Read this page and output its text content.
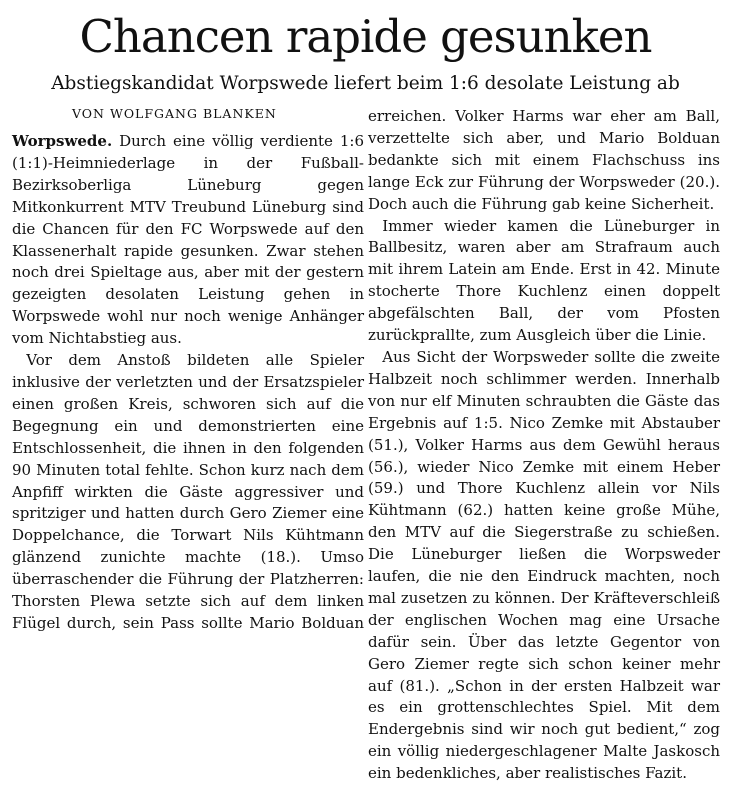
Chancen rapide gesunken
Abstiegskandidat Worpswede liefert beim 1:6 desolate Leistung ab
VON WOLFGANG BLANKEN

Worpswede. Durch eine völlig verdiente 1:6 (1:1)-Heimniederlage in der Fußball-Bezirksoberliga Lüneburg gegen Mitkonkurrent MTV Treubund Lüneburg sind die Chancen für den FC Worpswede auf den Klassenerhalt rapide gesunken. Zwar stehen noch drei Spieltage aus, aber mit der gestern gezeigten desolaten Leistung gehen in Worpswede wohl nur noch wenige Anhänger vom Nichtabstieg aus.

Vor dem Anstoß bildeten alle Spieler inklusive der verletzten und der Ersatzspieler einen großen Kreis, schworen sich auf die Begegnung ein und demonstrierten eine Entschlossenheit, die ihnen in den folgenden 90 Minuten total fehlte. Schon kurz nach dem Anpfiff wirkten die Gäste aggressiver und spritziger und hatten durch Gero Ziemer eine Doppelchance, die Torwart Nils Kühtmann glänzend zunichte machte (18.). Umso überraschender die Führung der Platzherren: Thorsten Plewa setzte sich auf dem linken Flügel durch, sein Pass sollte Mario Bolduan

erreichen. Volker Harms war eher am Ball, verzettelte sich aber, und Mario Bolduan bedankte sich mit einem Flachschuss ins lange Eck zur Führung der Worpsweder (20.). Doch auch die Führung gab keine Sicherheit.

Immer wieder kamen die Lüneburger in Ballbesitz, waren aber am Strafraum auch mit ihrem Latein am Ende. Erst in 42. Minute stocherte Thore Kuchlenz einen doppelt abgefälschten Ball, der vom Pfosten zurückprallte, zum Ausgleich über die Linie.

Aus Sicht der Worpsweder sollte die zweite Halbzeit noch schlimmer werden. Innerhalb von nur elf Minuten schraubten die Gäste das Ergebnis auf 1:5. Nico Zemke mit Abstauber (51.), Volker Harms aus dem Gewühl heraus (56.), wieder Nico Zemke mit einem Heber (59.) und Thore Kuchlenz allein vor Nils Kühtmann (62.) hatten keine große Mühe, den MTV auf die Siegerstraße zu schießen. Die Lüneburger ließen die Worpsweder laufen, die nie den Eindruck machten, noch mal zusetzen zu können. Der Kräfteverschleiß der englischen Wochen mag eine Ursache dafür sein. Über das letzte Gegentor von Gero Ziemer regte sich schon keiner mehr auf (81.). „Schon in der ersten Halbzeit war es ein grottenschlechtes Spiel. Mit dem Endergebnis sind wir noch gut bedient,“ zog ein völlig niedergeschlagener Malte Jaskosch ein bedenkliches, aber realistisches Fazit.
